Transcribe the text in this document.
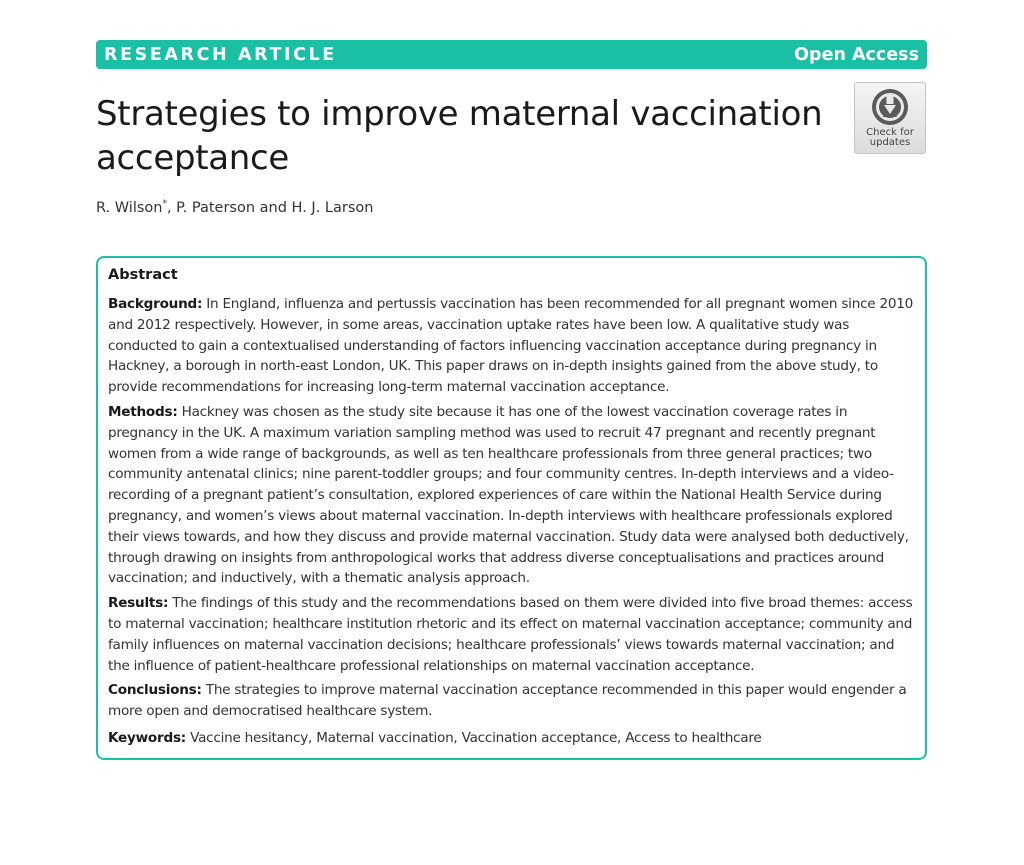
RESEARCH ARTICLE	Open Access
Strategies to improve maternal vaccination acceptance
Check for
updates
R. Wilson*, P. Paterson and H. J. Larson
Abstract

Background: In England, influenza and pertussis vaccination has been recommended for all pregnant women since 2010 and 2012 respectively. However, in some areas, vaccination uptake rates have been low. A qualitative study was conducted to gain a contextualised understanding of factors influencing vaccination acceptance during pregnancy in Hackney, a borough in north-east London, UK. This paper draws on in-depth insights gained from the above study, to provide recommendations for increasing long-term maternal vaccination acceptance.

Methods: Hackney was chosen as the study site because it has one of the lowest vaccination coverage rates in pregnancy in the UK. A maximum variation sampling method was used to recruit 47 pregnant and recently pregnant women from a wide range of backgrounds, as well as ten healthcare professionals from three general practices; two community antenatal clinics; nine parent-toddler groups; and four community centres. In-depth interviews and a video-recording of a pregnant patient’s consultation, explored experiences of care within the National Health Service during pregnancy, and women’s views about maternal vaccination. In-depth interviews with healthcare professionals explored their views towards, and how they discuss and provide maternal vaccination. Study data were analysed both deductively, through drawing on insights from anthropological works that address diverse conceptualisations and practices around vaccination; and inductively, with a thematic analysis approach.

Results: The findings of this study and the recommendations based on them were divided into five broad themes: access to maternal vaccination; healthcare institution rhetoric and its effect on maternal vaccination acceptance; community and family influences on maternal vaccination decisions; healthcare professionals’ views towards maternal vaccination; and the influence of patient-healthcare professional relationships on maternal vaccination acceptance.

Conclusions: The strategies to improve maternal vaccination acceptance recommended in this paper would engender a more open and democratised healthcare system.

Keywords: Vaccine hesitancy, Maternal vaccination, Vaccination acceptance, Access to healthcare
